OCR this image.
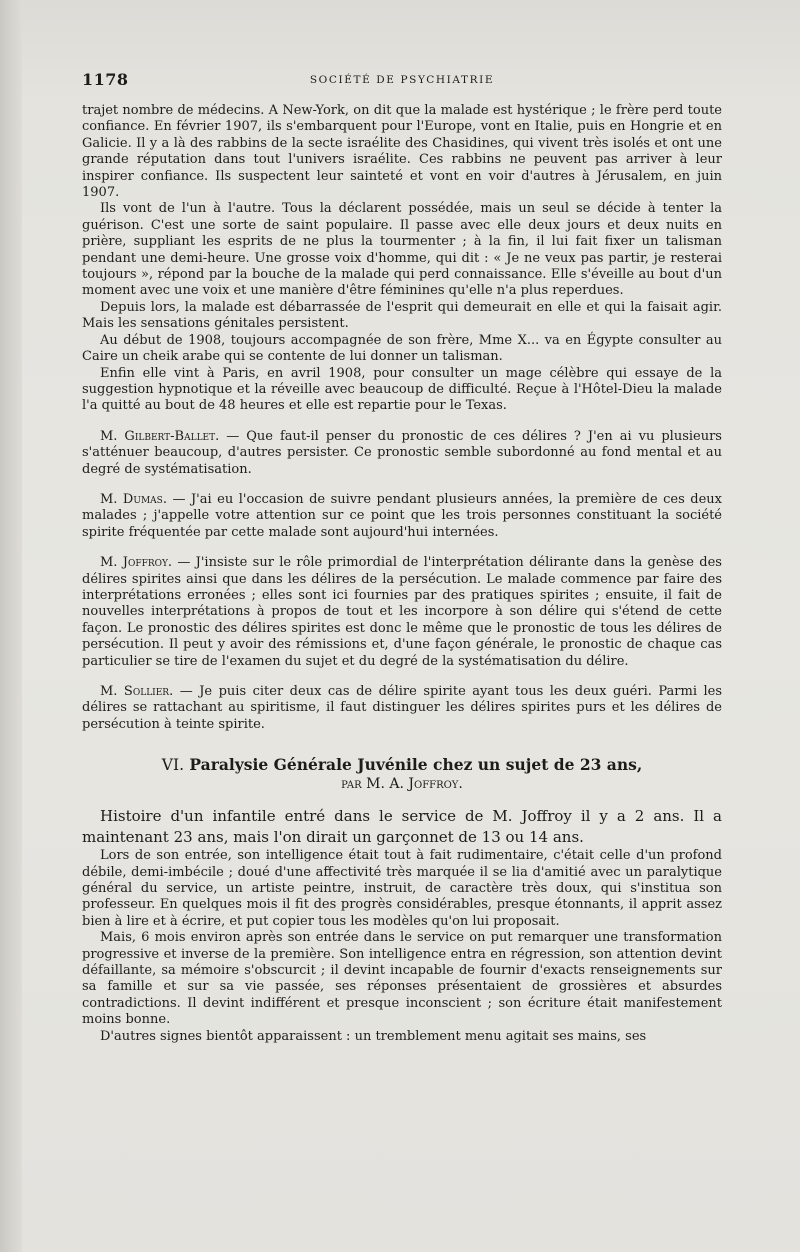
1178	SOCIÉTÉ DE PSYCHIATRIE

trajet nombre de médecins. A New-York, on dit que la malade est hystérique ; le frère perd toute confiance. En février 1907, ils s'embarquent pour l'Europe, vont en Italie, puis en Hongrie et en Galicie. Il y a là des rabbins de la secte israélite des Chasidines, qui vivent très isolés et ont une grande réputation dans tout l'univers israélite. Ces rabbins ne peuvent pas arriver à leur inspirer confiance. Ils suspectent leur sainteté et vont en voir d'autres à Jérusalem, en juin 1907.

Ils vont de l'un à l'autre. Tous la déclarent possédée, mais un seul se décide à tenter la guérison. C'est une sorte de saint populaire. Il passe avec elle deux jours et deux nuits en prière, suppliant les esprits de ne plus la tourmenter ; à la fin, il lui fait fixer un talisman pendant une demi-heure. Une grosse voix d'homme, qui dit : « Je ne veux pas partir, je resterai toujours », répond par la bouche de la malade qui perd connaissance. Elle s'éveille au bout d'un moment avec une voix et une manière d'être féminines qu'elle n'a plus reperdues.

Depuis lors, la malade est débarrassée de l'esprit qui demeurait en elle et qui la faisait agir. Mais les sensations génitales persistent.

Au début de 1908, toujours accompagnée de son frère, Mme X... va en Égypte consulter au Caire un cheik arabe qui se contente de lui donner un talisman.

Enfin elle vint à Paris, en avril 1908, pour consulter un mage célèbre qui essaye de la suggestion hypnotique et la réveille avec beaucoup de difficulté. Reçue à l'Hôtel-Dieu la malade l'a quitté au bout de 48 heures et elle est repartie pour le Texas.

M. Gilbert-Ballet. — Que faut-il penser du pronostic de ces délires ? J'en ai vu plusieurs s'atténuer beaucoup, d'autres persister. Ce pronostic semble subordonné au fond mental et au degré de systématisation.

M. Dumas. — J'ai eu l'occasion de suivre pendant plusieurs années, la première de ces deux malades ; j'appelle votre attention sur ce point que les trois personnes constituant la société spirite fréquentée par cette malade sont aujourd'hui internées.

M. Joffroy. — J'insiste sur le rôle primordial de l'interprétation délirante dans la genèse des délires spirites ainsi que dans les délires de la persécution. Le malade commence par faire des interprétations erronées ; elles sont ici fournies par des pratiques spirites ; ensuite, il fait de nouvelles interprétations à propos de tout et les incorpore à son délire qui s'étend de cette façon. Le pronostic des délires spirites est donc le même que le pronostic de tous les délires de persécution. Il peut y avoir des rémissions et, d'une façon générale, le pronostic de chaque cas particulier se tire de l'examen du sujet et du degré de la systématisation du délire.

M. Sollier. — Je puis citer deux cas de délire spirite ayant tous les deux guéri. Parmi les délires se rattachant au spiritisme, il faut distinguer les délires spirites purs et les délires de persécution à teinte spirite.

VI. Paralysie Générale Juvénile chez un sujet de 23 ans,
par M. A. Joffroy.

Histoire d'un infantile entré dans le service de M. Joffroy il y a 2 ans. Il a maintenant 23 ans, mais l'on dirait un garçonnet de 13 ou 14 ans.

Lors de son entrée, son intelligence était tout à fait rudimentaire, c'était celle d'un profond débile, demi-imbécile ; doué d'une affectivité très marquée il se lia d'amitié avec un paralytique général du service, un artiste peintre, instruit, de caractère très doux, qui s'institua son professeur. En quelques mois il fit des progrès considérables, presque étonnants, il apprit assez bien à lire et à écrire, et put copier tous les modèles qu'on lui proposait.

Mais, 6 mois environ après son entrée dans le service on put remarquer une transformation progressive et inverse de la première. Son intelligence entra en régression, son attention devint défaillante, sa mémoire s'obscurcit ; il devint incapable de fournir d'exacts renseignements sur sa famille et sur sa vie passée, ses réponses présentaient de grossières et absurdes contradictions. Il devint indifférent et presque inconscient ; son écriture était manifestement moins bonne.

D'autres signes bientôt apparaissent : un tremblement menu agitait ses mains, ses
